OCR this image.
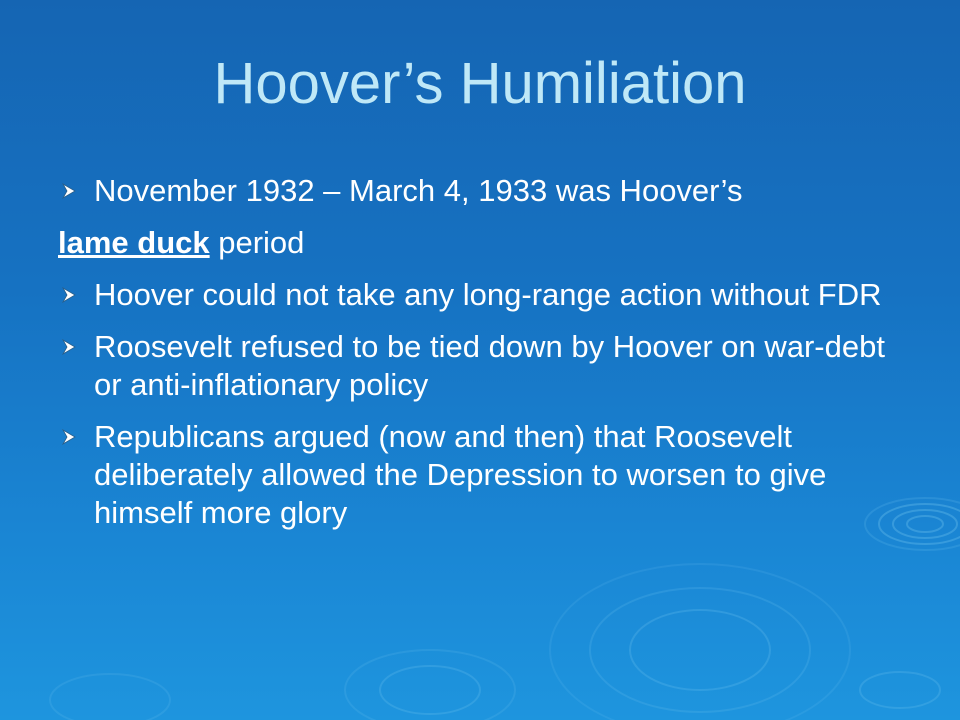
Hoover’s Humiliation
November 1932 – March 4, 1933 was Hoover’s
lame duck period
Hoover could not take any long-range action without FDR
Roosevelt refused to be tied down by Hoover on war-debt or anti-inflationary policy
Republicans argued (now and then) that Roosevelt deliberately allowed the Depression to worsen to give himself more glory
